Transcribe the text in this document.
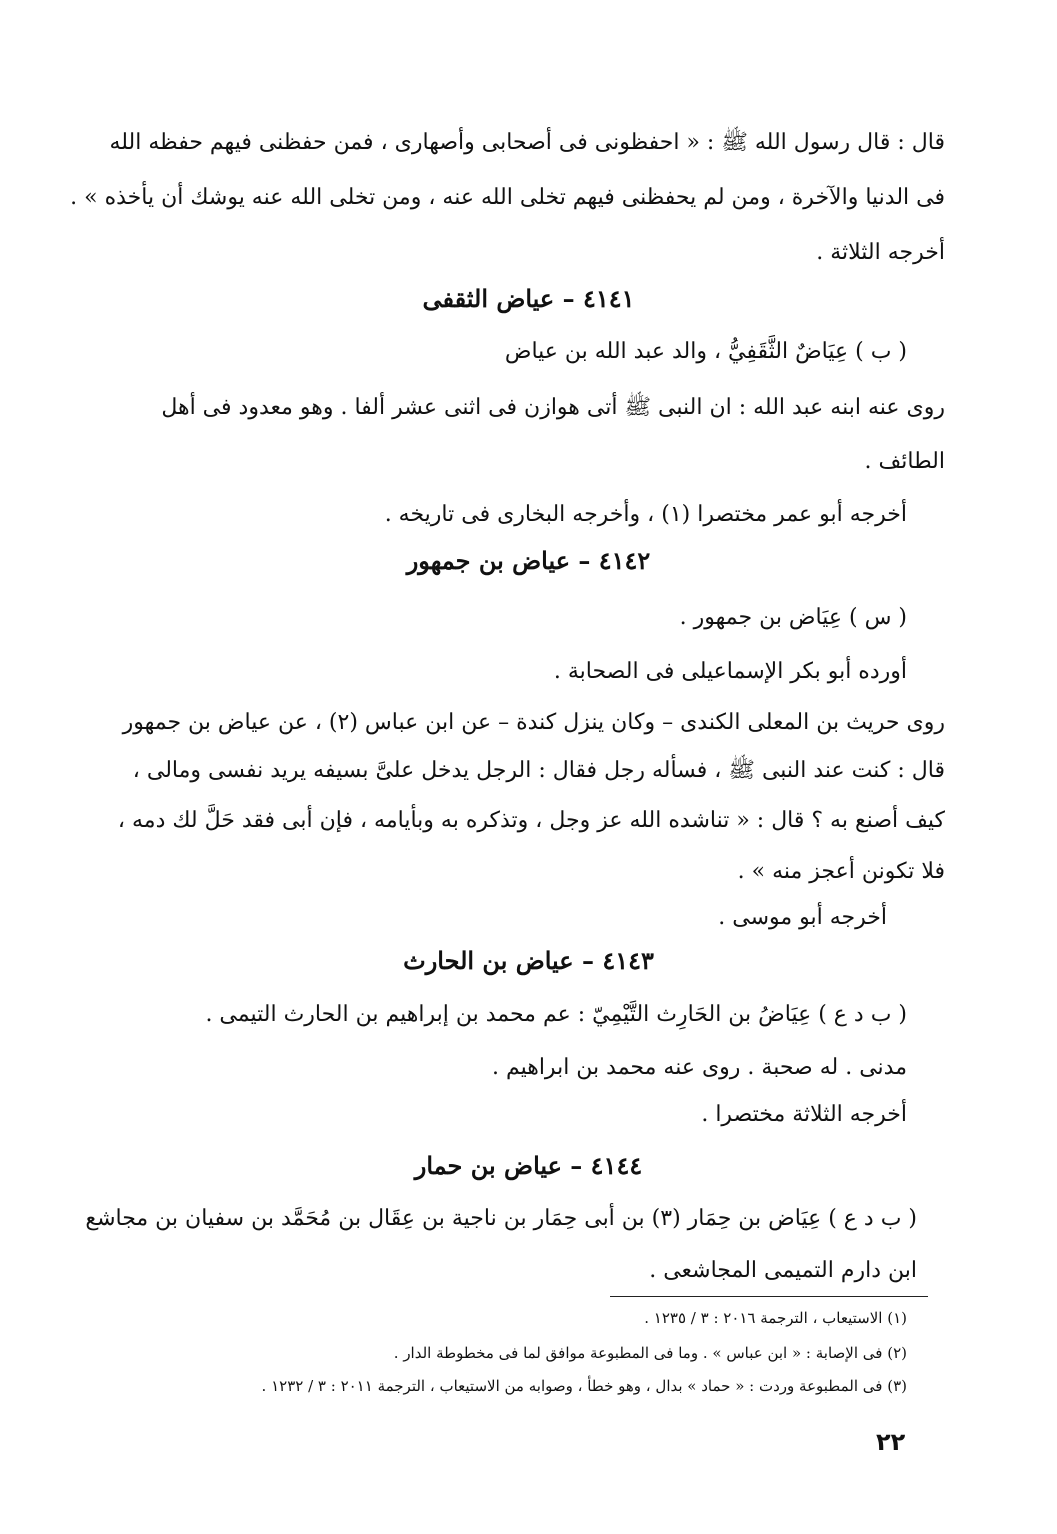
قال : قال رسول الله ﷺ : « احفظونى فى أصحابى وأصهارى ، فمن حفظنى فيهم حفظه الله
فى الدنيا والآخرة ، ومن لم يحفظنى فيهم تخلى الله عنه ، ومن تخلى الله عنه يوشك أن يأخذه » .
أخرجه الثلاثة .
٤١٤١ – عياض الثقفى
( ب ) عِيَاضٌ الثَّقَفِيُّ ، والد عبد الله بن عياض
روى عنه ابنه عبد الله : ان النبى ﷺ أتى هوازن فى اثنى عشر ألفا . وهو معدود فى أهل
الطائف .
أخرجه أبو عمر مختصرا (١) ، وأخرجه البخارى فى تاريخه .
٤١٤٢ – عياض بن جمهور
( س ) عِيَاض بن جمهور .
أورده أبو بكر الإسماعيلى فى الصحابة .
روى حريث بن المعلى الكندى – وكان ينزل كندة – عن ابن عباس (٢) ، عن عياض بن جمهور
قال : كنت عند النبى ﷺ ، فسأله رجل فقال : الرجل يدخل علىَّ بسيفه يريد نفسى ومالى ،
كيف أصنع به ؟ قال : « تناشده الله عز وجل ، وتذكره به وبأيامه ، فإن أبى فقد حَلَّ لك دمه ،
فلا تكونن أعجز منه » .
أخرجه أبو موسى .
٤١٤٣ – عياض بن الحارث
( ب د ع ) عِيَاضُ بن الحَارِث التَّيْمِيّ : عم محمد بن إبراهيم بن الحارث التيمى .
مدنى . له صحبة . روى عنه محمد بن ابراهيم .
أخرجه الثلاثة مختصرا .
٤١٤٤ – عياض بن حمار
( ب د ع ) عِيَاض بن حِمَار (٣) بن أبى حِمَار بن ناجية بن عِقَال بن مُحَمَّد بن سفيان بن مجاشع
ابن دارم التميمى المجاشعى .
(١) الاستيعاب ، الترجمة ٢٠١٦ : ٣ / ١٢٣٥ .
(٢) فى الإصابة : « ابن عباس » . وما فى المطبوعة موافق لما فى مخطوطة الدار .
(٣) فى المطبوعة وردت : « حماد » بدال ، وهو خطأ ، وصوابه من الاستيعاب ، الترجمة ٢٠١١ : ٣ / ١٢٣٢ .
٢٢
